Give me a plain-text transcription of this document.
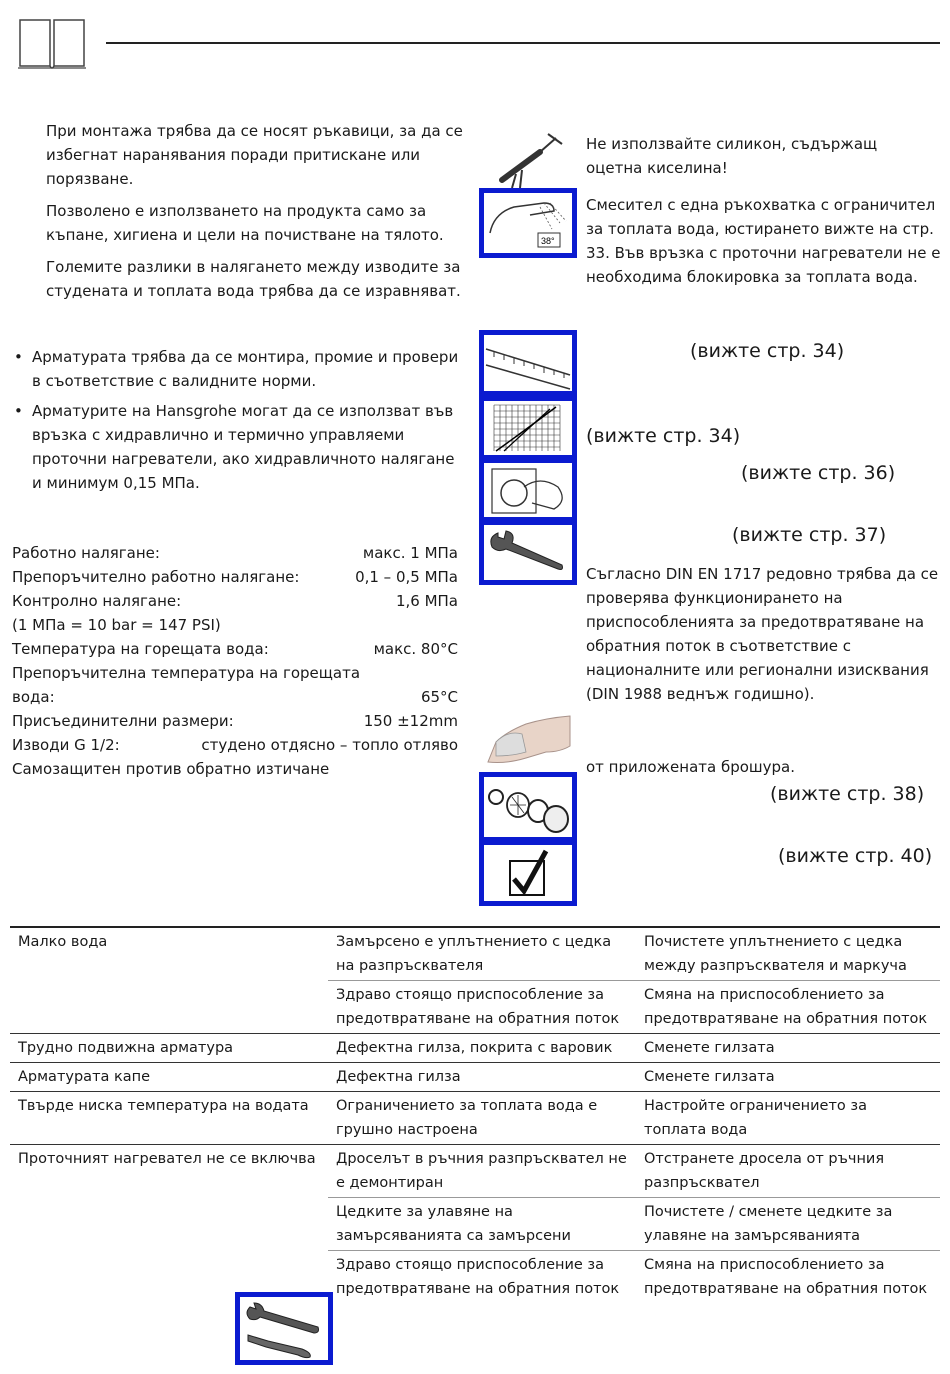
При монтажа трябва да се носят ръкавици, за да се избегнат наранявания поради притискане или порязване.
Позволено е използването на продукта само за къпане, хигиена и цели на почистване на тялото.
Големите разлики в налягането между изводите за студената и топлата вода трябва да се изравняват.
• Арматурата трябва да се монтира, промие и провери в съответствие с валидните норми.
• Арматурите на Hansgrohe могат да се използват във връзка с хидравлично и термично управляеми проточни нагреватели, ако хидравличното налягане и минимум 0,15 МПа.
Работно налягане:	макс. 1 МПа
Препоръчително работно налягане:	0,1 – 0,5 МПа
Контролно налягане:	1,6 МПа
(1 МПа = 10 bar = 147 PSI)
Температура на горещата вода:	макс. 80°C
Препоръчителна температура на горещата
вода:	65°C
Присъединителни размери:	150 ±12mm
Изводи G 1/2:	студено отдясно – топло отляво
Самозащитен против обратно изтичане
38°
Не използвайте силикон, съдържащ оцетна киселина!
Смесител с една ръкохватка с ограничител за топлата вода, юстирането вижте на стр. 33. Във връзка с проточни нагреватели не е необходима блокировка за топлата вода.
(вижте стр. 34)
(вижте стр. 34)
(вижте стр. 36)
(вижте стр. 37)
Съгласно DIN EN 1717 редовно трябва да се проверява функционирането на приспособленията за предотвратяване на обратния поток в съответствие с националните или регионални изисквания (DIN 1988 веднъж годишно).
от приложената брошура.
(вижте стр. 38)
(вижте стр. 40)
Малко вода	Замърсено е уплътнението с цедка на разпръсквателя	Почистете уплътнението с цедка между разпръсквателя и маркуча
	Здраво стоящо приспособление за предотвратяване на обратния поток	Смяна на приспособлението за предотвратяване на обратния поток
Трудно подвижна арматура	Дефектна гилза, покрита с варовик	Сменете гилзата
Арматурата капе	Дефектна гилза	Сменете гилзата
Твърде ниска температура на водата	Ограничението за топлата вода е грушно настроена	Настройте ограничението за топлата вода
Проточният нагревател не се включва	Дроселът в ръчния разпръсквател не е демонтиран	Отстранете дросела от ръчния разпръсквател
	Цедките за улавяне на замърсяванията са замърсени	Почистете / сменете цедките за улавяне на замърсяванията
	Здраво стоящо приспособление за предотвратяване на обратния поток	Смяна на приспособлението за предотвратяване на обратния поток
